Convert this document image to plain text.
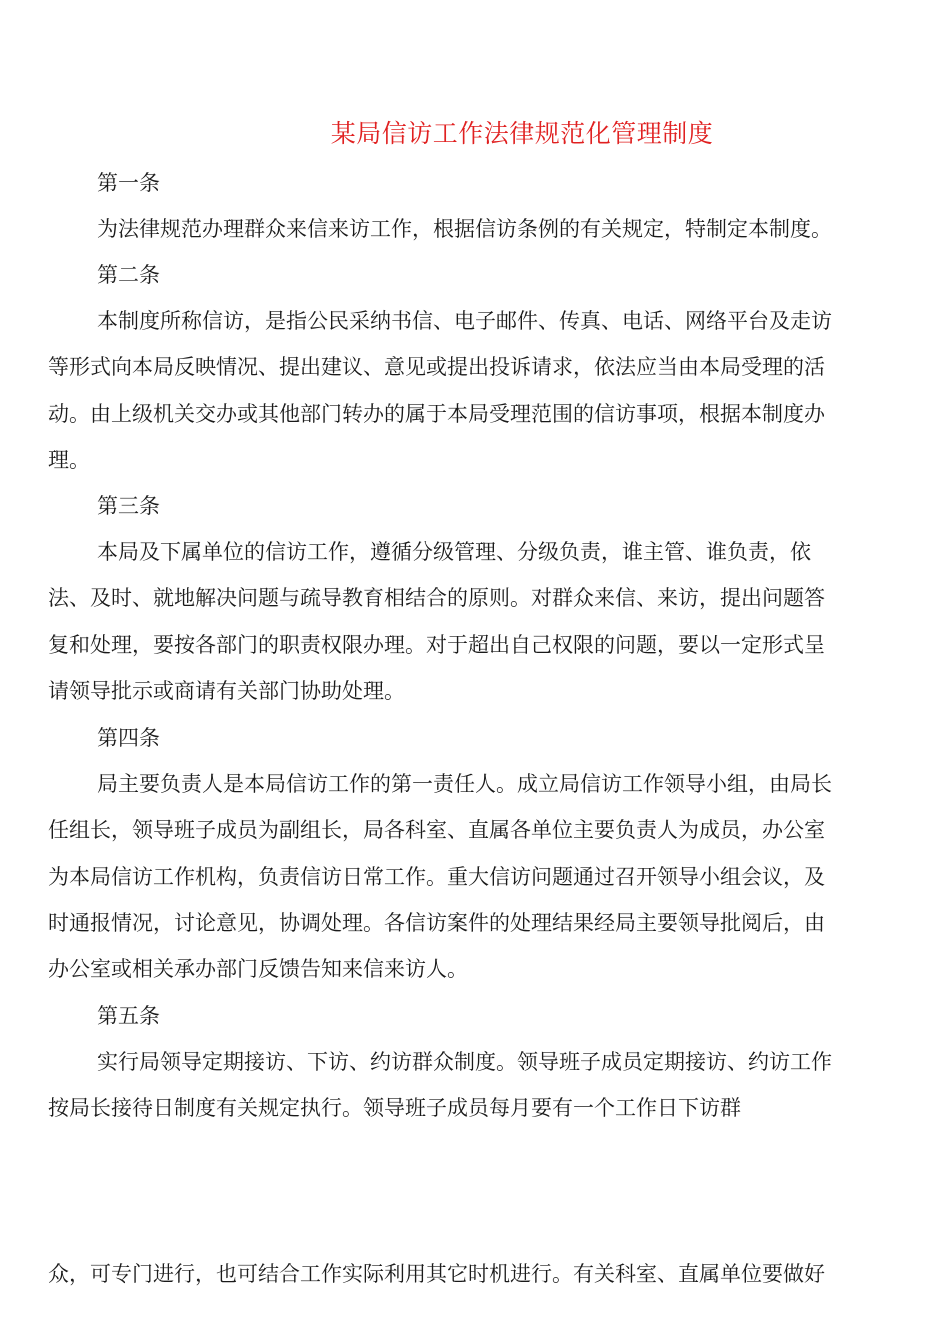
某局信访工作法律规范化管理制度
第一条
为法律规范办理群众来信来访工作，根据信访条例的有关规定，特制定本制度。
第二条
本制度所称信访，是指公民采纳书信、电子邮件、传真、电话、网络平台及走访
等形式向本局反映情况、提出建议、意见或提出投诉请求，依法应当由本局受理的活
动。由上级机关交办或其他部门转办的属于本局受理范围的信访事项，根据本制度办
理。
第三条
本局及下属单位的信访工作，遵循分级管理、分级负责，谁主管、谁负责，依
法、及时、就地解决问题与疏导教育相结合的原则。对群众来信、来访，提出问题答
复和处理，要按各部门的职责权限办理。对于超出自己权限的问题，要以一定形式呈
请领导批示或商请有关部门协助处理。
第四条
局主要负责人是本局信访工作的第一责任人。成立局信访工作领导小组，由局长
任组长，领导班子成员为副组长，局各科室、直属各单位主要负责人为成员，办公室
为本局信访工作机构，负责信访日常工作。重大信访问题通过召开领导小组会议，及
时通报情况，讨论意见，协调处理。各信访案件的处理结果经局主要领导批阅后，由
办公室或相关承办部门反馈告知来信来访人。
第五条
实行局领导定期接访、下访、约访群众制度。领导班子成员定期接访、约访工作
按局长接待日制度有关规定执行。领导班子成员每月要有一个工作日下访群
众，可专门进行，也可结合工作实际利用其它时机进行。有关科室、直属单位要做好
